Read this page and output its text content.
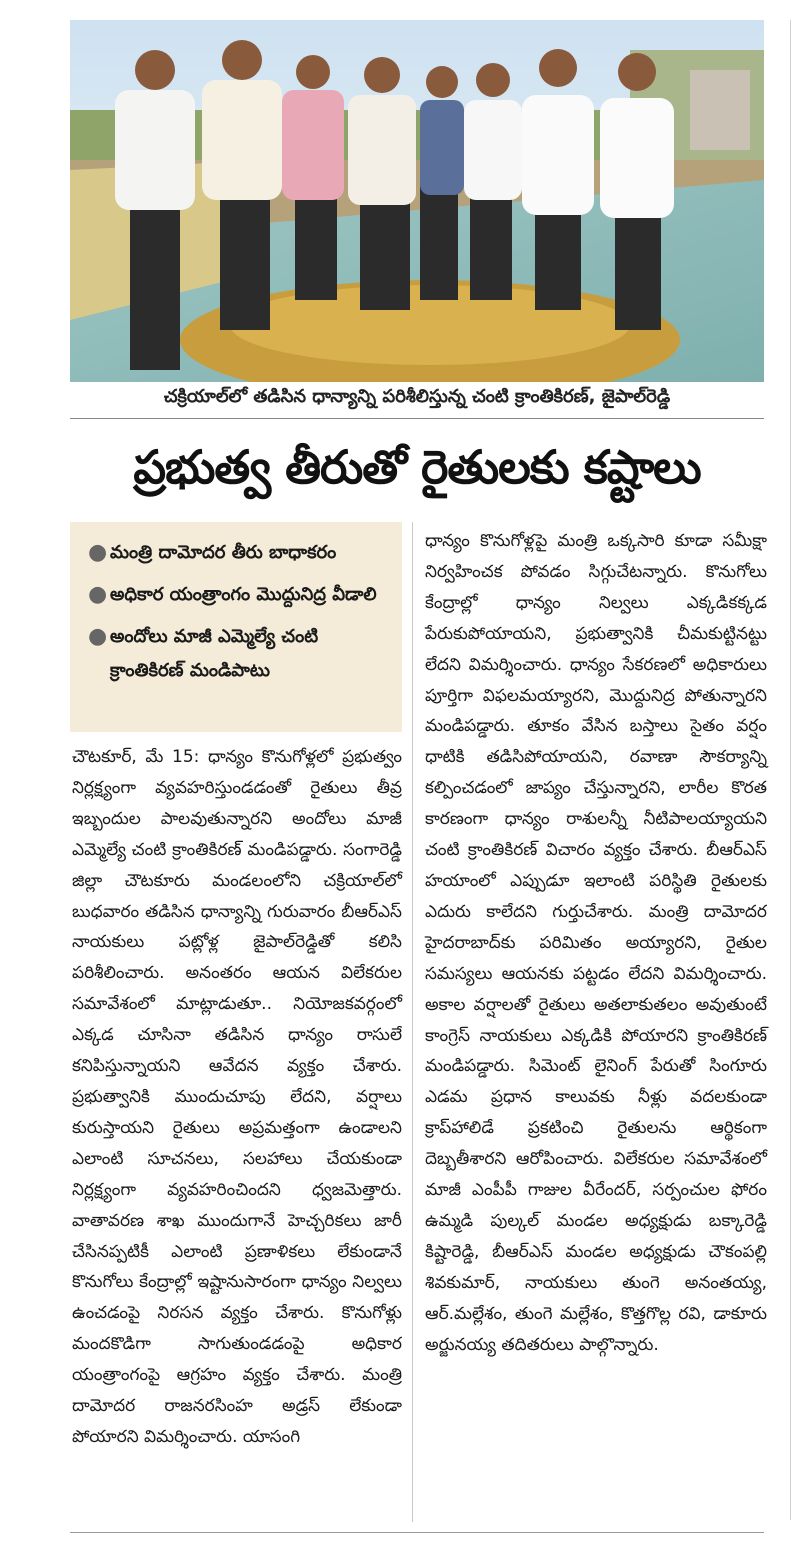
చక్రియాల్‌లో తడిసిన ధాన్యాన్ని పరిశీలిస్తున్న చంటి క్రాంతికిరణ్, జైపాల్‌రెడ్డి
ప్రభుత్వ తీరుతో రైతులకు కష్టాలు
● మంత్రి దామోదర తీరు బాధాకరం
● అధికార యంత్రాంగం మొద్దునిద్ర వీడాలి
● అందోలు మాజీ ఎమ్మెల్యే చంటి క్రాంతికిరణ్ మండిపాటు

చౌటకూర్, మే 15: ధాన్యం కొనుగోళ్లలో ప్రభుత్వం నిర్లక్ష్యంగా వ్యవహరిస్తుండడంతో రైతులు తీవ్ర ఇబ్బందుల పాలవుతున్నారని అందోలు మాజీ ఎమ్మెల్యే చంటి క్రాంతికిరణ్ మండిపడ్డారు. సంగారెడ్డి జిల్లా చౌటకూరు మండలంలోని చక్రియాల్‌లో బుధవారం తడిసిన ధాన్యాన్ని గురువారం బీఆర్ఎస్ నాయకులు పట్లోళ్ల జైపాల్‌రెడ్డితో కలిసి పరిశీలించారు. అనంతరం ఆయన విలేకరుల సమావేశంలో మాట్లాడుతూ.. నియోజకవర్గంలో ఎక్కడ చూసినా తడిసిన ధాన్యం రాసులే కనిపిస్తున్నాయని ఆవేదన వ్యక్తం చేశారు. ప్రభుత్వానికి ముందుచూపు లేదని, వర్షాలు కురుస్తాయని రైతులు అప్రమత్తంగా ఉండాలని ఎలాంటి సూచనలు, సలహాలు చేయకుండా నిర్లక్ష్యంగా వ్యవహరించిందని ధ్వజమెత్తారు. వాతావరణ శాఖ ముందుగానే హెచ్చరికలు జారీ చేసినప్పటికీ ఎలాంటి ప్రణాళికలు లేకుండానే కొనుగోలు కేంద్రాల్లో ఇష్టానుసారంగా ధాన్యం నిల్వలు ఉంచడంపై నిరసన వ్యక్తం చేశారు. కొనుగోళ్లు మందకొడిగా సాగుతుండడంపై అధికార యంత్రాంగంపై ఆగ్రహం వ్యక్తం చేశారు. మంత్రి దామోదర రాజనరసింహ అడ్రస్ లేకుండా పోయారని విమర్శించారు. యాసంగి

ధాన్యం కొనుగోళ్లపై మంత్రి ఒక్కసారి కూడా సమీక్షా నిర్వహించక పోవడం సిగ్గుచేటన్నారు. కొనుగోలు కేంద్రాల్లో ధాన్యం నిల్వలు ఎక్కడికక్కడ పేరుకుపోయాయని, ప్రభుత్వానికి చీమకుట్టినట్టు లేదని విమర్శించారు. ధాన్యం సేకరణలో అధికారులు పూర్తిగా విఫలమయ్యారని, మొద్దునిద్ర పోతున్నారని మండిపడ్డారు. తూకం వేసిన బస్తాలు సైతం వర్షం ధాటికి తడిసిపోయాయని, రవాణా సౌకర్యాన్ని కల్పించడంలో జాప్యం చేస్తున్నారని, లారీల కొరత కారణంగా ధాన్యం రాశులన్నీ నీటిపాలయ్యాయని చంటి క్రాంతికిరణ్ విచారం వ్యక్తం చేశారు. బీఆర్ఎస్ హయాంలో ఎప్పుడూ ఇలాంటి పరిస్థితి రైతులకు ఎదురు కాలేదని గుర్తుచేశారు. మంత్రి దామోదర హైదరాబాద్‌కు పరిమితం అయ్యారని, రైతుల సమస్యలు ఆయనకు పట్టడం లేదని విమర్శించారు. అకాల వర్షాలతో రైతులు అతలాకుతలం అవుతుంటే కాంగ్రెస్ నాయకులు ఎక్కడికి పోయారని క్రాంతికిరణ్ మండిపడ్డారు. సిమెంట్ లైనింగ్ పేరుతో సింగూరు ఎడమ ప్రధాన కాలువకు నీళ్లు వదలకుండా క్రాప్‌హాలిడే ప్రకటించి రైతులను ఆర్థికంగా దెబ్బతీశారని ఆరోపించారు. విలేకరుల సమావేశంలో మాజీ ఎంపీపీ గాజుల వీరేందర్, సర్పంచుల ఫోరం ఉమ్మడి పుల్కల్ మండల అధ్యక్షుడు బక్కారెడ్డి కిష్టారెడ్డి, బీఆర్ఎస్ మండల అధ్యక్షుడు చౌకంపల్లి శివకుమార్, నాయకులు తుంగె అనంతయ్య, ఆర్.మల్లేశం, తుంగె మల్లేశం, కొత్తగొల్ల రవి, డాకూరు అర్జునయ్య తదితరులు పాల్గొన్నారు.
